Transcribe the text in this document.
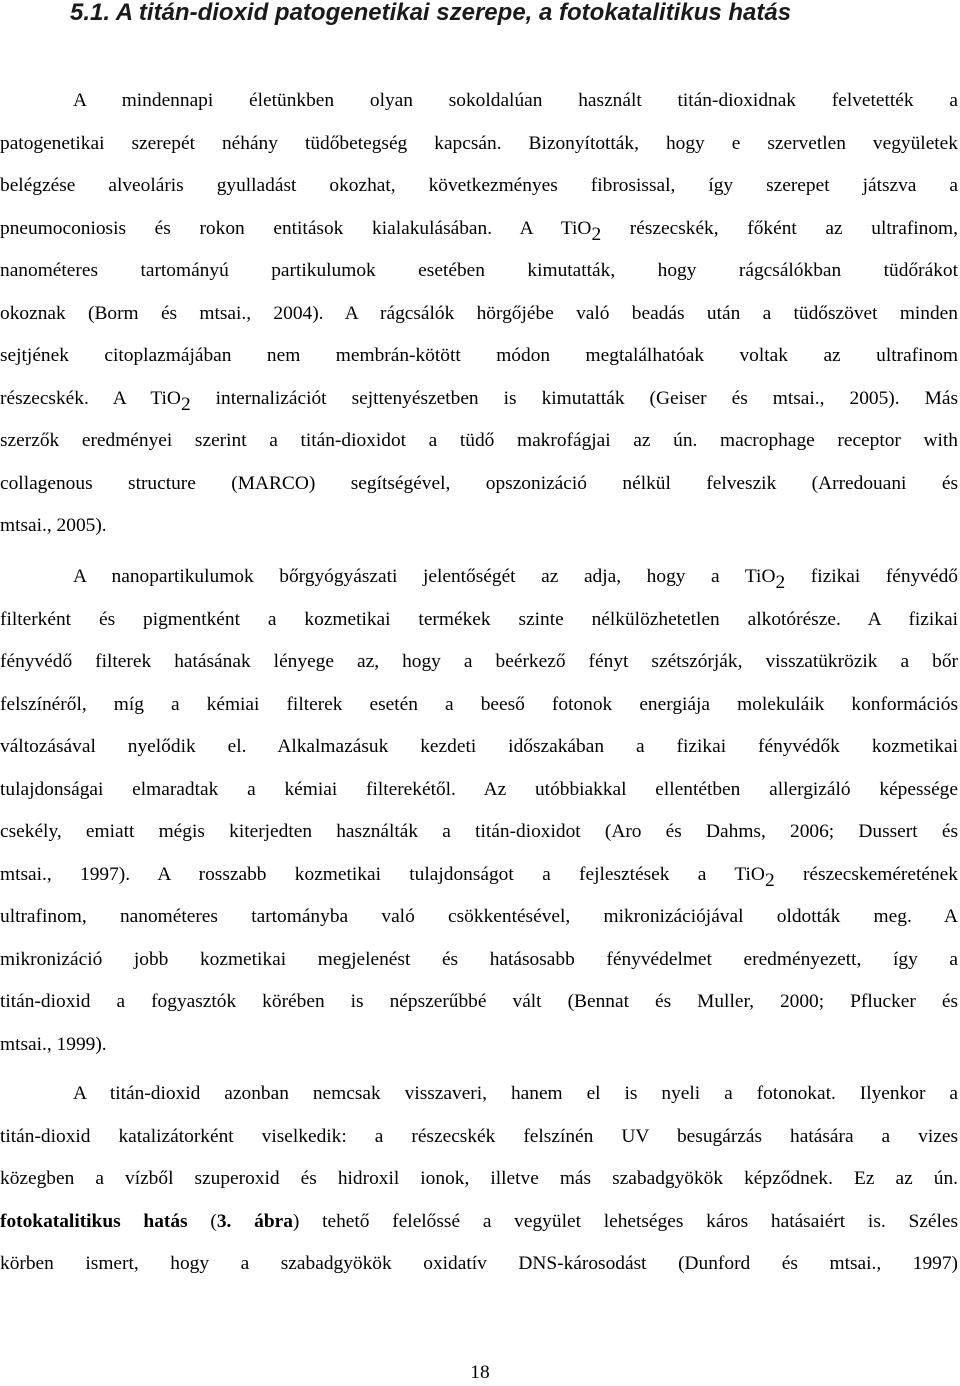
5.1. A titán-dioxid patogenetikai szerepe, a fotokatalitikus hatás
A mindennapi életünkben olyan sokoldalúan használt titán-dioxidnak felvetették a
patogenetikai szerepét néhány tüdőbetegség kapcsán. Bizonyították, hogy e szervetlen vegyületek
belégzése alveoláris gyulladást okozhat, következményes fibrosissal, így szerepet játszva a
pneumoconiosis és rokon entitások kialakulásában. A TiO2 részecskék, főként az ultrafinom,
nanométeres tartományú partikulumok esetében kimutatták, hogy rágcsálókban tüdőrákot
okoznak (Borm és mtsai., 2004). A rágcsálók hörgőjébe való beadás után a tüdőszövet minden
sejtjének citoplazmájában nem membrán-kötött módon megtalálhatóak voltak az ultrafinom
részecskék. A TiO2 internalizációt sejttenyészetben is kimutatták (Geiser és mtsai., 2005). Más
szerzők eredményei szerint a titán-dioxidot a tüdő makrofágjai az ún. macrophage receptor with
collagenous structure (MARCO) segítségével, opszonizáció nélkül felveszik (Arredouani és
mtsai., 2005).
A nanopartikulumok bőrgyógyászati jelentőségét az adja, hogy a TiO2 fizikai fényvédő
filterként és pigmentként a kozmetikai termékek szinte nélkülözhetetlen alkotórésze. A fizikai
fényvédő filterek hatásának lényege az, hogy a beérkező fényt szétszórják, visszatükrözik a bőr
felszínéről, míg a kémiai filterek esetén a beeső fotonok energiája molekuláik konformációs
változásával nyelődik el. Alkalmazásuk kezdeti időszakában a fizikai fényvédők kozmetikai
tulajdonságai elmaradtak a kémiai filterekétől. Az utóbbiakkal ellentétben allergizáló képessége
csekély, emiatt mégis kiterjedten használták a titán-dioxidot (Aro és Dahms, 2006; Dussert és
mtsai., 1997). A rosszabb kozmetikai tulajdonságot a fejlesztések a TiO2 részecskeméretének
ultrafinom, nanométeres tartományba való csökkentésével, mikronizációjával oldották meg. A
mikronizáció jobb kozmetikai megjelenést és hatásosabb fényvédelmet eredményezett, így a
titán-dioxid a fogyasztók körében is népszerűbbé vált (Bennat és Muller, 2000; Pflucker és
mtsai., 1999).
A titán-dioxid azonban nemcsak visszaveri, hanem el is nyeli a fotonokat. Ilyenkor a
titán-dioxid katalizátorként viselkedik: a részecskék felszínén UV besugárzás hatására a vizes
közegben a vízből szuperoxid és hidroxil ionok, illetve más szabadgyökök képződnek. Ez az ún.
fotokatalitikus hatás (3. ábra) tehető felelőssé a vegyület lehetséges káros hatásaiért is. Széles
körben ismert, hogy a szabadgyökök oxidatív DNS-károsodást (Dunford és mtsai., 1997)
18
